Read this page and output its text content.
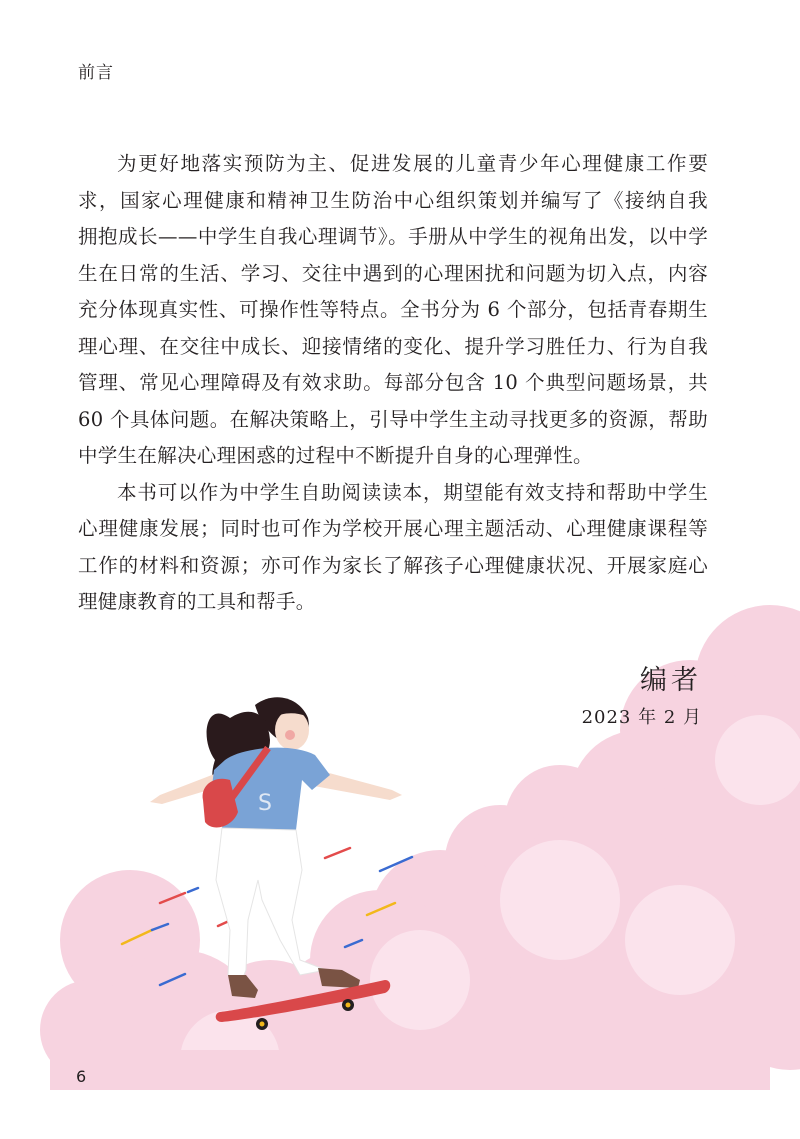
S
前言

为更好地落实预防为主、促进发展的儿童青少年心理健康工作要求，国家心理健康和精神卫生防治中心组织策划并编写了《接纳自我　拥抱成长——中学生自我心理调节》。手册从中学生的视角出发，以中学生在日常的生活、学习、交往中遇到的心理困扰和问题为切入点，内容充分体现真实性、可操作性等特点。全书分为 6 个部分，包括青春期生理心理、在交往中成长、迎接情绪的变化、提升学习胜任力、行为自我管理、常见心理障碍及有效求助。每部分包含 10 个典型问题场景，共 60 个具体问题。在解决策略上，引导中学生主动寻找更多的资源，帮助中学生在解决心理困惑的过程中不断提升自身的心理弹性。

本书可以作为中学生自助阅读读本，期望能有效支持和帮助中学生心理健康发展；同时也可作为学校开展心理主题活动、心理健康课程等工作的材料和资源；亦可作为家长了解孩子心理健康状况、开展家庭心理健康教育的工具和帮手。

编者
2023 年 2 月
6
